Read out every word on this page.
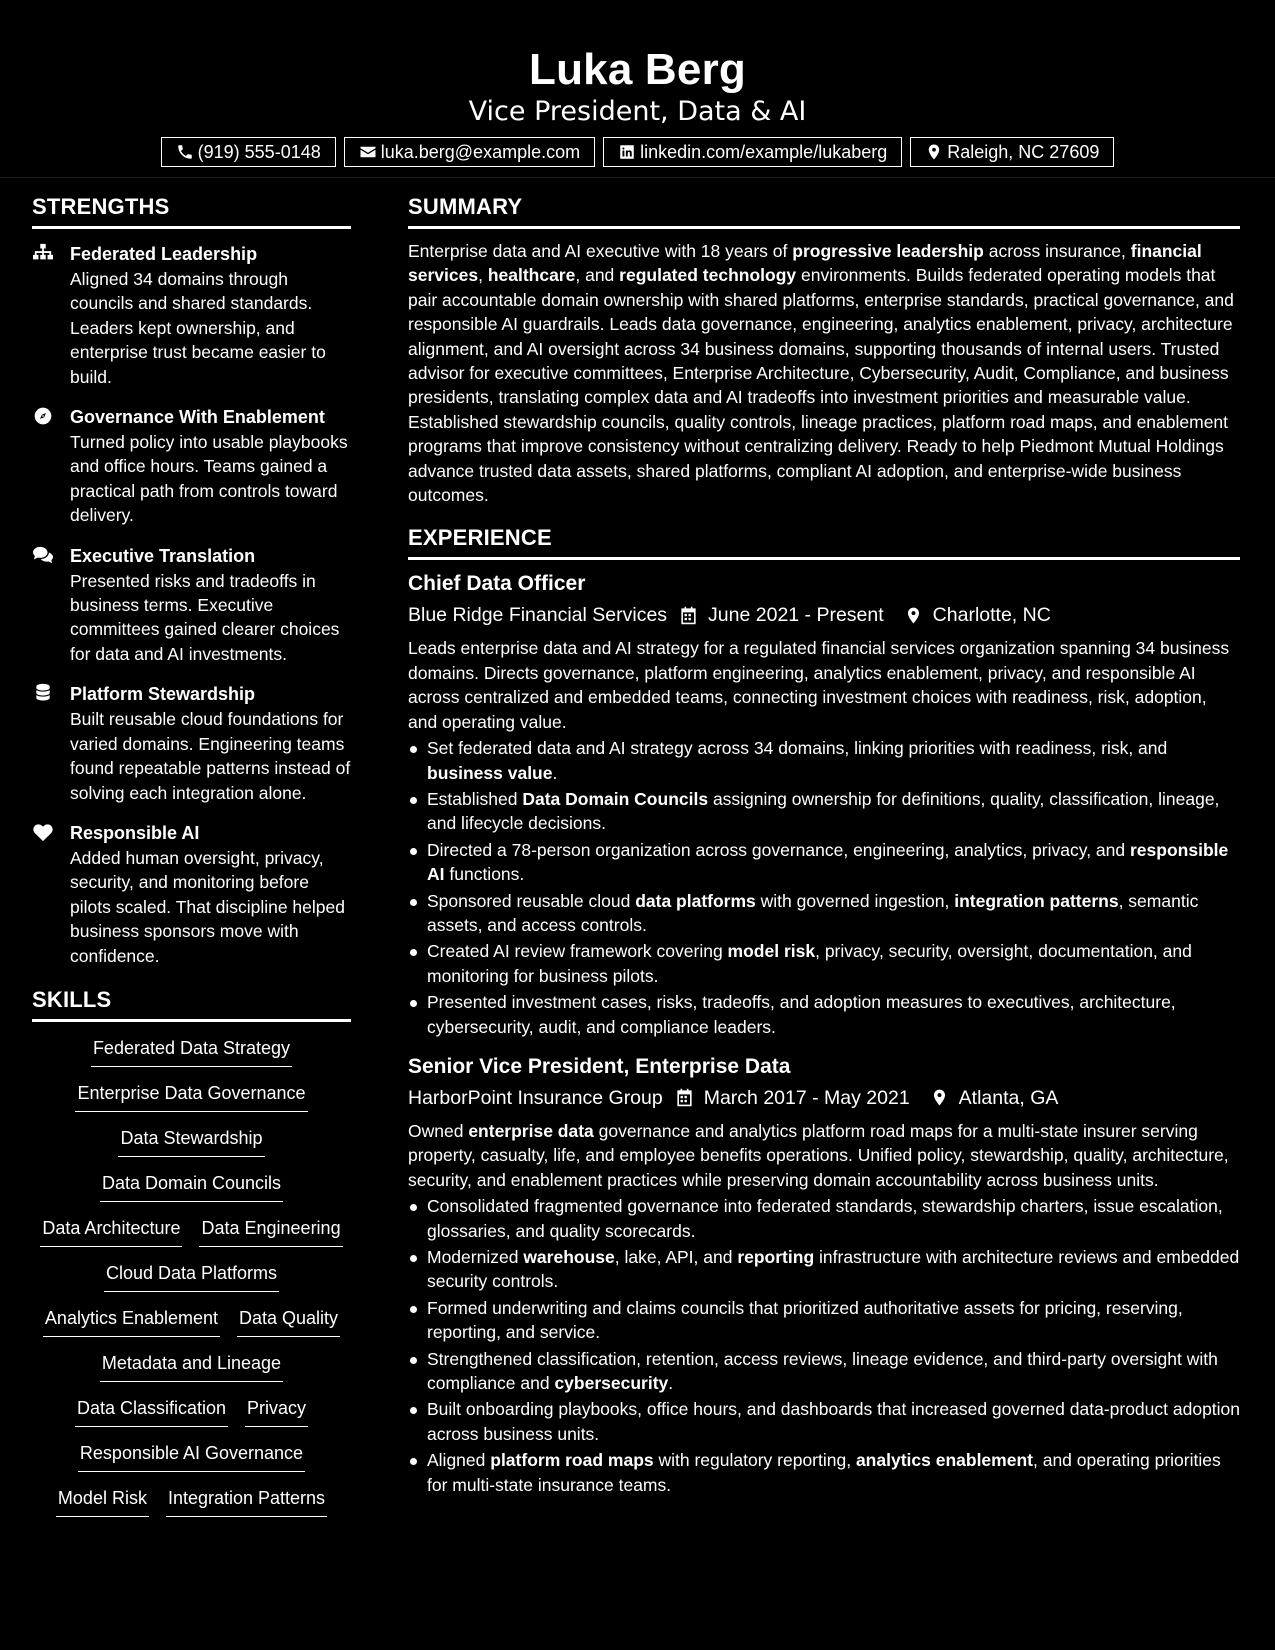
Luka Berg
Vice President, Data & AI
(919) 555-0148	luka.berg@example.com	linkedin.com/example/lukaberg	Raleigh, NC 27609
STRENGTHS
Federated Leadership
Aligned 34 domains through councils and shared standards. Leaders kept ownership, and enterprise trust became easier to build.
Governance With Enablement
Turned policy into usable playbooks and office hours. Teams gained a practical path from controls toward delivery.
Executive Translation
Presented risks and tradeoffs in business terms. Executive committees gained clearer choices for data and AI investments.
Platform Stewardship
Built reusable cloud foundations for varied domains. Engineering teams found repeatable patterns instead of solving each integration alone.
Responsible AI
Added human oversight, privacy, security, and monitoring before pilots scaled. That discipline helped business sponsors move with confidence.
SKILLS
Federated Data Strategy
Enterprise Data Governance
Data Stewardship
Data Domain Councils
Data Architecture Data Engineering
Cloud Data Platforms
Analytics Enablement Data Quality
Metadata and Lineage
Data Classification Privacy
Responsible AI Governance
Model Risk Integration Patterns
SUMMARY
Enterprise data and AI executive with 18 years of progressive leadership across insurance, financial services, healthcare, and regulated technology environments. Builds federated operating models that pair accountable domain ownership with shared platforms, enterprise standards, practical governance, and responsible AI guardrails. Leads data governance, engineering, analytics enablement, privacy, architecture alignment, and AI oversight across 34 business domains, supporting thousands of internal users. Trusted advisor for executive committees, Enterprise Architecture, Cybersecurity, Audit, Compliance, and business presidents, translating complex data and AI tradeoffs into investment priorities and measurable value. Established stewardship councils, quality controls, lineage practices, platform road maps, and enablement programs that improve consistency without centralizing delivery. Ready to help Piedmont Mutual Holdings advance trusted data assets, shared platforms, compliant AI adoption, and enterprise-wide business outcomes.
EXPERIENCE
Chief Data Officer
Blue Ridge Financial Services June 2021 - Present	Charlotte, NC
Leads enterprise data and AI strategy for a regulated financial services organization spanning 34 business domains. Directs governance, platform engineering, analytics enablement, privacy, and responsible AI across centralized and embedded teams, connecting investment choices with readiness, risk, adoption, and operating value.
Set federated data and AI strategy across 34 domains, linking priorities with readiness, risk, and business value.
Established Data Domain Councils assigning ownership for definitions, quality, classification, lineage, and lifecycle decisions.
Directed a 78-person organization across governance, engineering, analytics, privacy, and responsible AI functions.
Sponsored reusable cloud data platforms with governed ingestion, integration patterns, semantic assets, and access controls.
Created AI review framework covering model risk, privacy, security, oversight, documentation, and monitoring for business pilots.
Presented investment cases, risks, tradeoffs, and adoption measures to executives, architecture, cybersecurity, audit, and compliance leaders.
Senior Vice President, Enterprise Data
HarborPoint Insurance Group March 2017 - May 2021	Atlanta, GA
Owned enterprise data governance and analytics platform road maps for a multi-state insurer serving property, casualty, life, and employee benefits operations. Unified policy, stewardship, quality, architecture, security, and enablement practices while preserving domain accountability across business units.
Consolidated fragmented governance into federated standards, stewardship charters, issue escalation, glossaries, and quality scorecards.
Modernized warehouse, lake, API, and reporting infrastructure with architecture reviews and embedded security controls.
Formed underwriting and claims councils that prioritized authoritative assets for pricing, reserving, reporting, and service.
Strengthened classification, retention, access reviews, lineage evidence, and third-party oversight with compliance and cybersecurity.
Built onboarding playbooks, office hours, and dashboards that increased governed data-product adoption across business units.
Aligned platform road maps with regulatory reporting, analytics enablement, and operating priorities for multi-state insurance teams.
